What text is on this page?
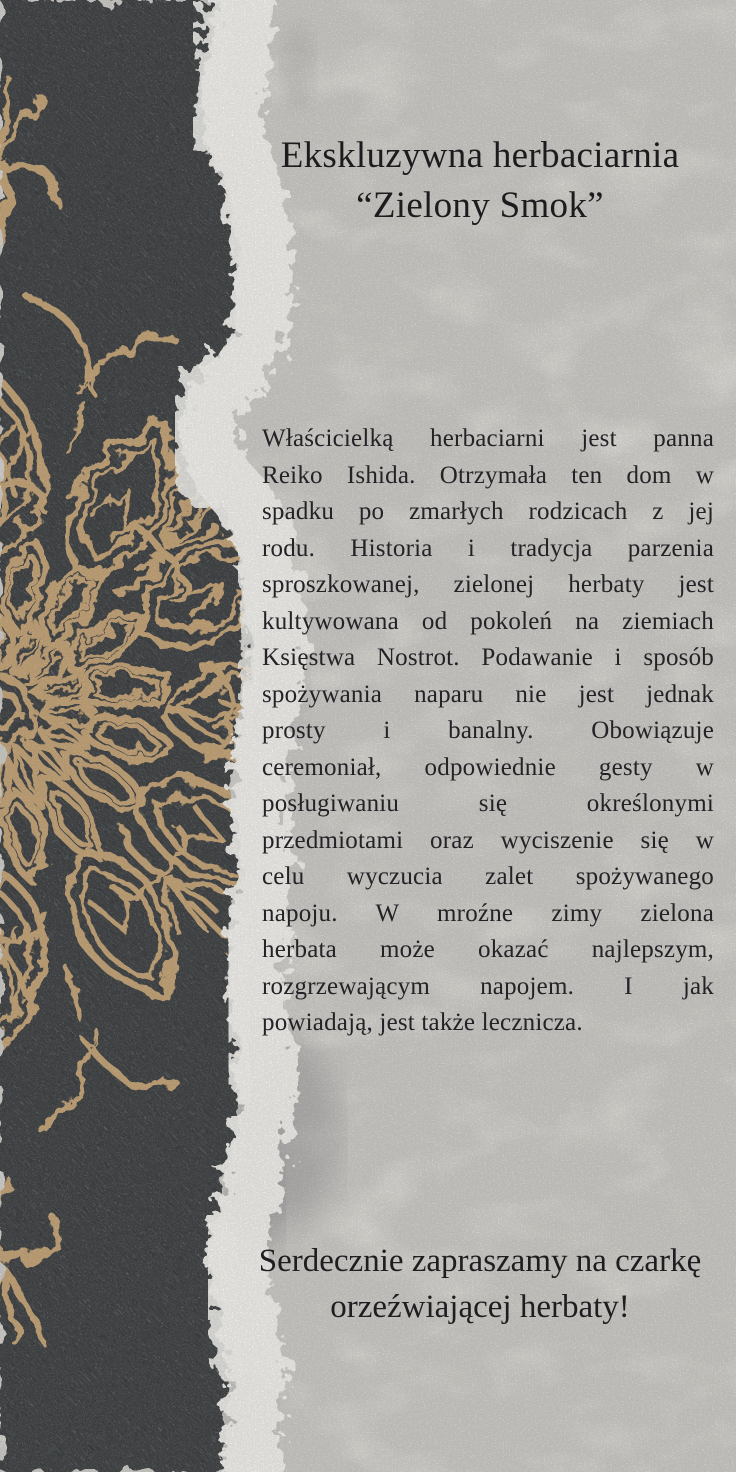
Ekskluzywna herbaciarnia
“Zielony Smok”
Właścicielką herbaciarni jest panna
Reiko Ishida. Otrzymała ten dom w
spadku po zmarłych rodzicach z jej
rodu. Historia i tradycja parzenia
sproszkowanej, zielonej herbaty jest
kultywowana od pokoleń na ziemiach
Księstwa Nostrot. Podawanie i sposób
spożywania naparu nie jest jednak
prosty i banalny. Obowiązuje
ceremoniał, odpowiednie gesty w
posługiwaniu się określonymi
przedmiotami oraz wyciszenie się w
celu wyczucia zalet spożywanego
napoju. W mroźne zimy zielona
herbata może okazać najlepszym,
rozgrzewającym napojem. I jak
powiadają, jest także lecznicza.
Serdecznie zapraszamy na czarkę
orzeźwiającej herbaty!
